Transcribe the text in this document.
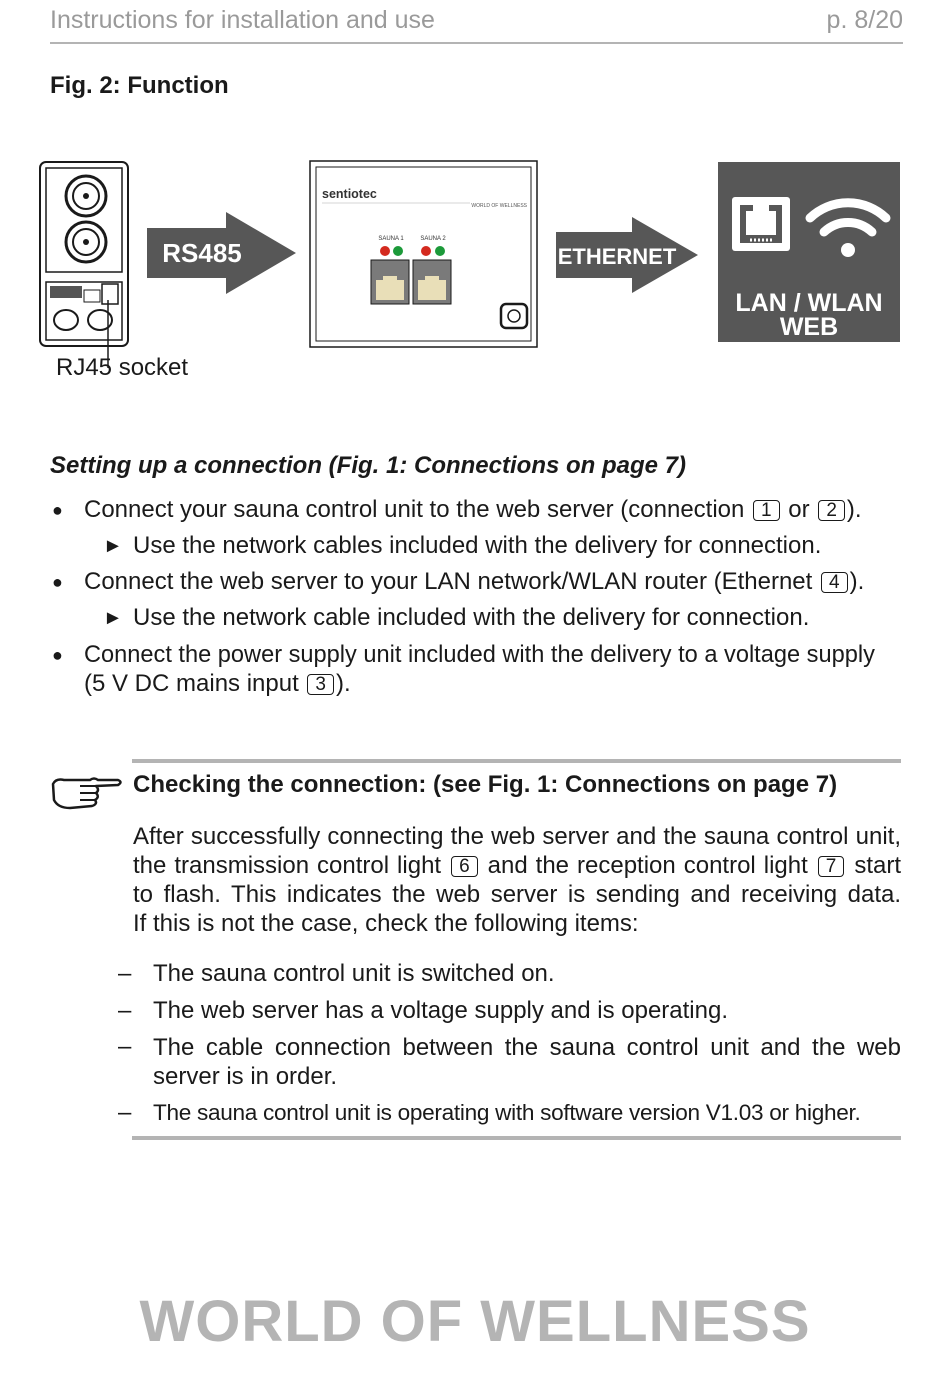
Instructions for installation and use	p. 8/20
Fig. 2: Function
RS485
sentiotec
WORLD OF WELLNESS
SAUNA 1	SAUNA 2
ETHERNET
LAN / WLAN
WEB
RJ45 socket
Setting up a connection (Fig. 1: Connections on page 7)
● Connect your sauna control unit to the web server (connection 1 or 2 ).
► Use the network cables included with the delivery for connection.
● Connect the web server to your LAN network/WLAN router (Ethernet 4 ).
► Use the network cable included with the delivery for connection.
● Connect the power supply unit included with the delivery to a voltage supply
(5 V DC mains input 3 ).
Checking the connection: (see Fig. 1: Connections on page 7)
After successfully connecting the web server and the sauna control unit,
the transmission control light 6 and the reception control light 7 start
to flash. This indicates the web server is sending and receiving data.
If this is not the case, check the following items:
– The sauna control unit is switched on.
– The web server has a voltage supply and is operating.
– The cable connection between the sauna control unit and the web
server is in order.
– The sauna control unit is operating with software version V1.03 or higher.
WORLD OF WELLNESS
